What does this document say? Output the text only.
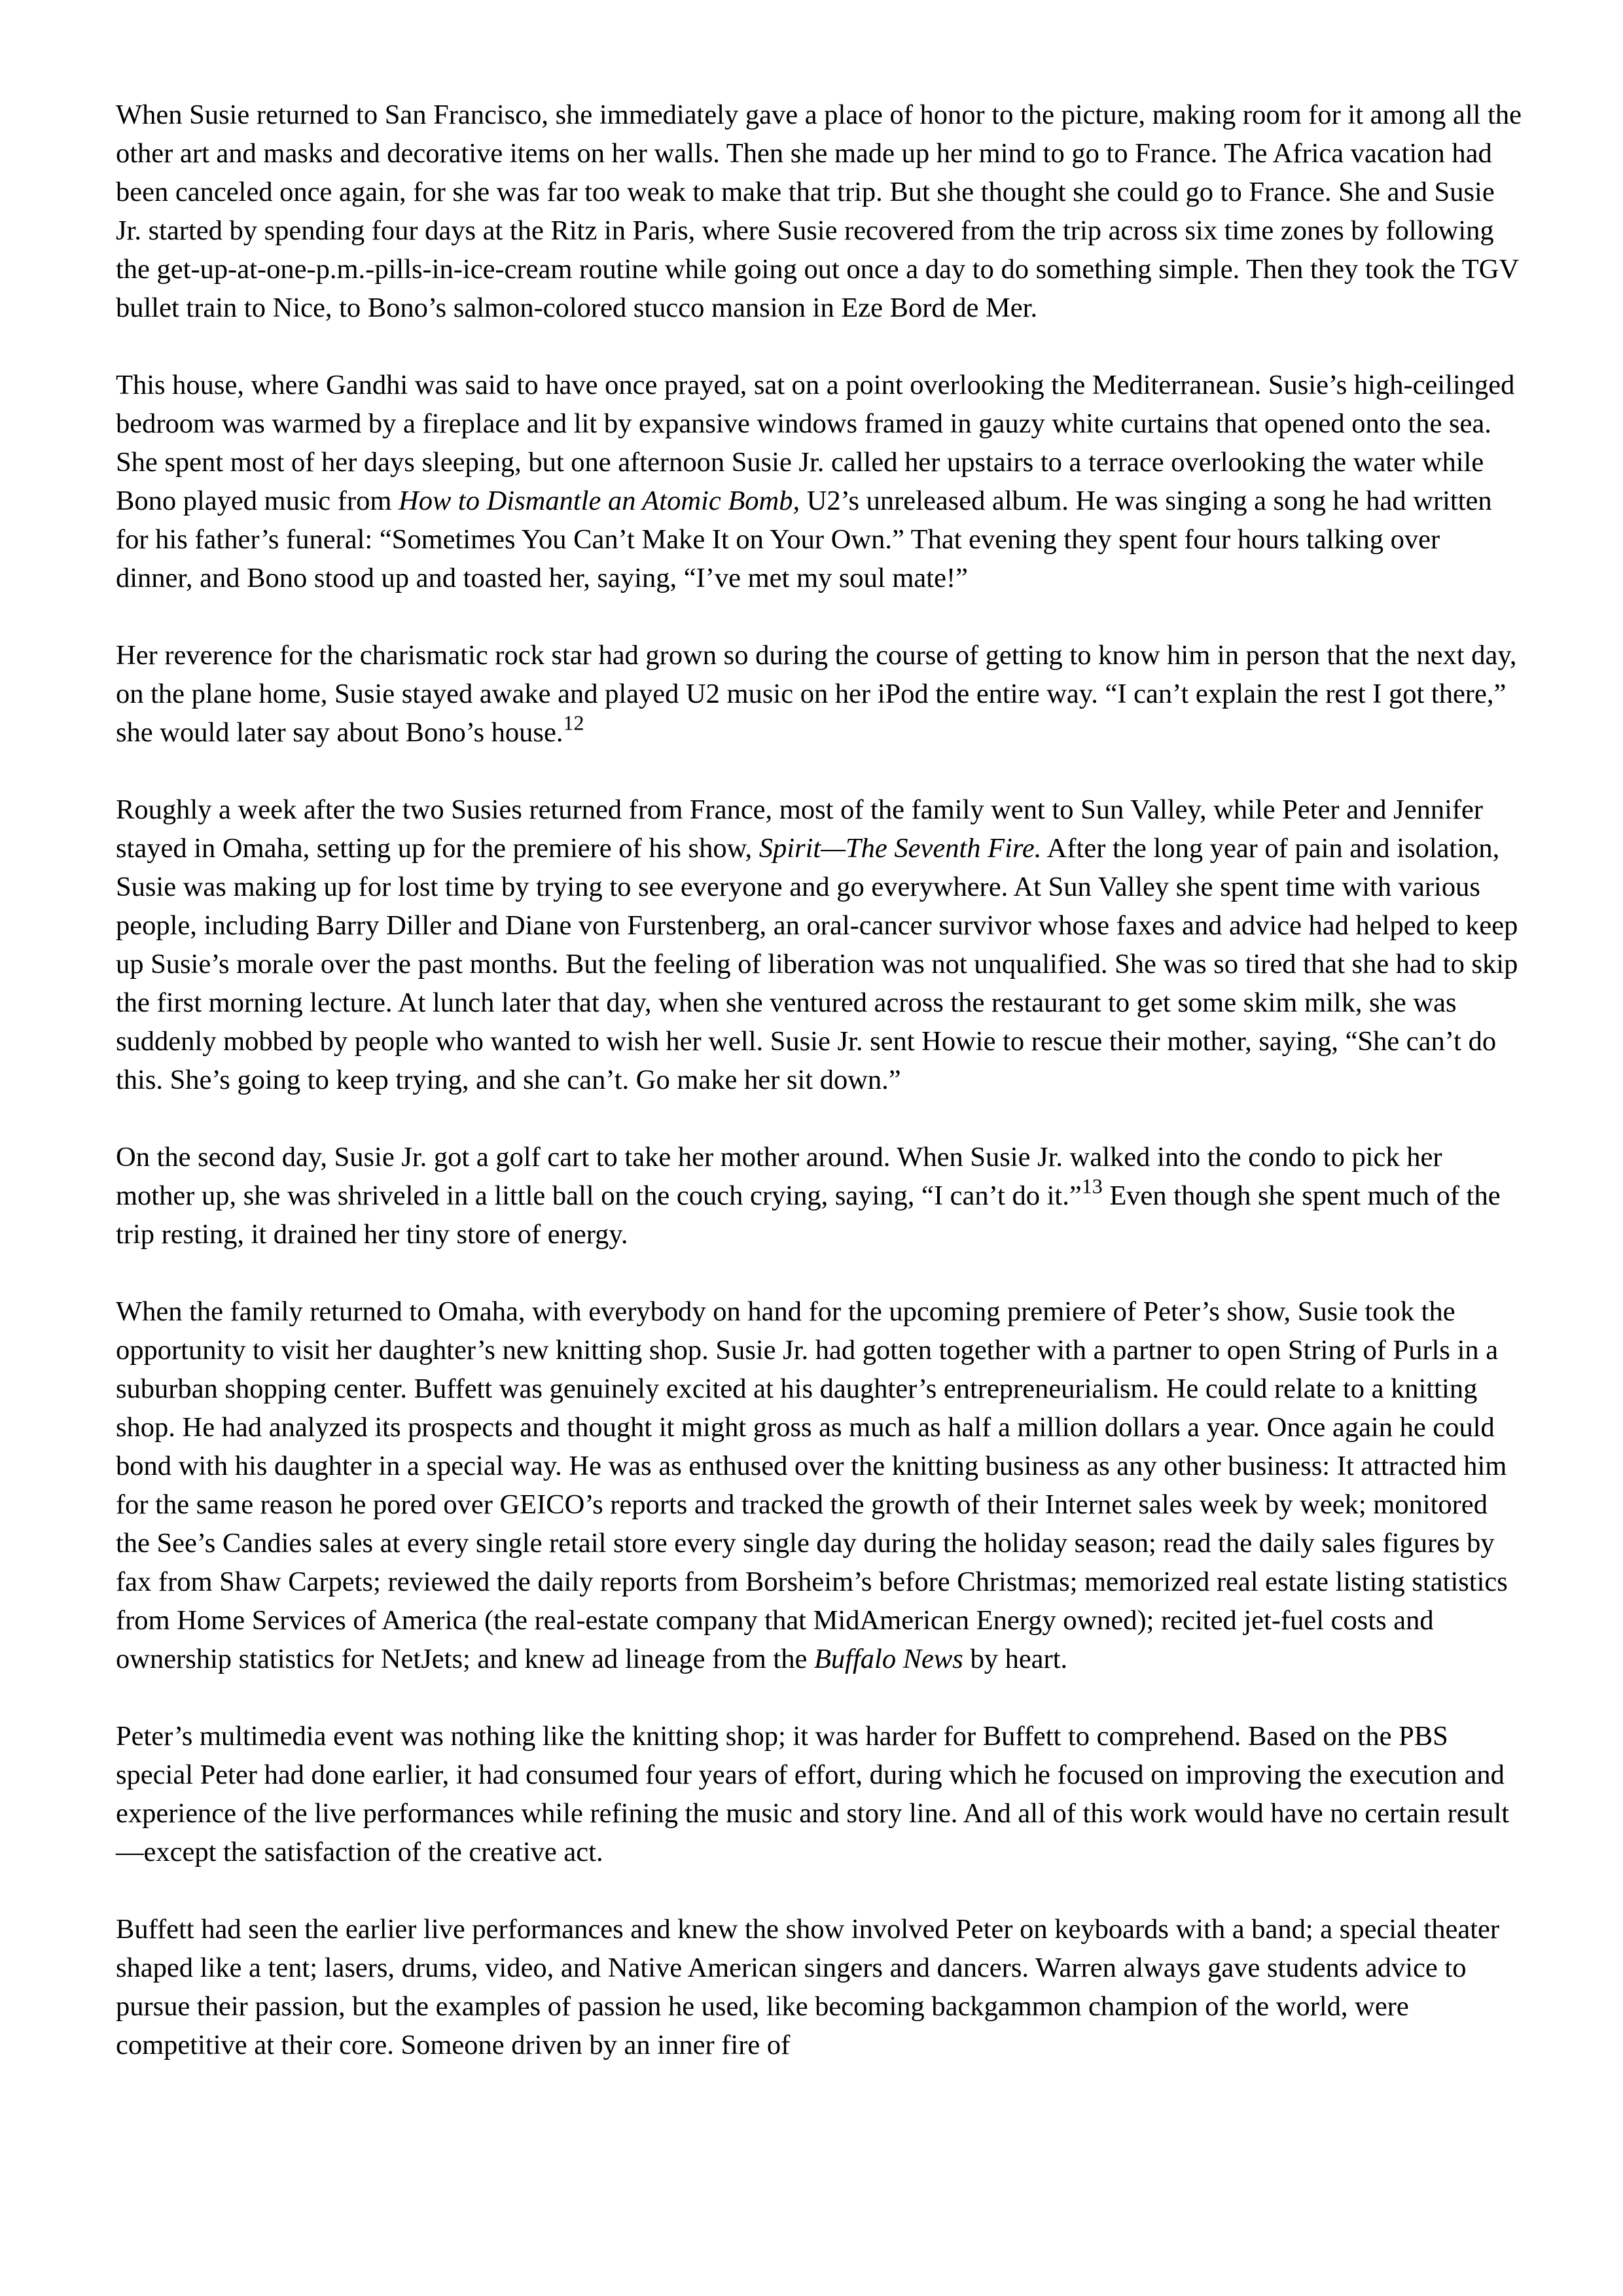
When Susie returned to San Francisco, she immediately gave a place of honor to the picture, making room for it among all the other art and masks and decorative items on her walls. Then she made up her mind to go to France. The Africa vacation had been canceled once again, for she was far too weak to make that trip. But she thought she could go to France. She and Susie Jr. started by spending four days at the Ritz in Paris, where Susie recovered from the trip across six time zones by following the get-up-at-one-p.m.-pills-in-ice-cream routine while going out once a day to do something simple. Then they took the TGV bullet train to Nice, to Bono’s salmon-colored stucco mansion in Eze Bord de Mer.

This house, where Gandhi was said to have once prayed, sat on a point overlooking the Mediterranean. Susie’s high-ceilinged bedroom was warmed by a fireplace and lit by expansive windows framed in gauzy white curtains that opened onto the sea. She spent most of her days sleeping, but one afternoon Susie Jr. called her upstairs to a terrace overlooking the water while Bono played music from How to Dismantle an Atomic Bomb, U2’s unreleased album. He was singing a song he had written for his father’s funeral: “Sometimes You Can’t Make It on Your Own.” That evening they spent four hours talking over dinner, and Bono stood up and toasted her, saying, “I’ve met my soul mate!”

Her reverence for the charismatic rock star had grown so during the course of getting to know him in person that the next day, on the plane home, Susie stayed awake and played U2 music on her iPod the entire way. “I can’t explain the rest I got there,” she would later say about Bono’s house.$^{12}$

Roughly a week after the two Susies returned from France, most of the family went to Sun Valley, while Peter and Jennifer stayed in Omaha, setting up for the premiere of his show, Spirit—The Seventh Fire. After the long year of pain and isolation, Susie was making up for lost time by trying to see everyone and go everywhere. At Sun Valley she spent time with various people, including Barry Diller and Diane von Furstenberg, an oral-cancer survivor whose faxes and advice had helped to keep up Susie’s morale over the past months. But the feeling of liberation was not unqualified. She was so tired that she had to skip the first morning lecture. At lunch later that day, when she ventured across the restaurant to get some skim milk, she was suddenly mobbed by people who wanted to wish her well. Susie Jr. sent Howie to rescue their mother, saying, “She can’t do this. She’s going to keep trying, and she can’t. Go make her sit down.”

On the second day, Susie Jr. got a golf cart to take her mother around. When Susie Jr. walked into the condo to pick her mother up, she was shriveled in a little ball on the couch crying, saying, “I can’t do it.”$^{13}$ Even though she spent much of the trip resting, it drained her tiny store of energy.

When the family returned to Omaha, with everybody on hand for the upcoming premiere of Peter’s show, Susie took the opportunity to visit her daughter’s new knitting shop. Susie Jr. had gotten together with a partner to open String of Purls in a suburban shopping center. Buffett was genuinely excited at his daughter’s entrepreneurialism. He could relate to a knitting shop. He had analyzed its prospects and thought it might gross as much as half a million dollars a year. Once again he could bond with his daughter in a special way. He was as enthused over the knitting business as any other business: It attracted him for the same reason he pored over GEICO’s reports and tracked the growth of their Internet sales week by week; monitored the See’s Candies sales at every single retail store every single day during the holiday season; read the daily sales figures by fax from Shaw Carpets; reviewed the daily reports from Borsheim’s before Christmas; memorized real estate listing statistics from Home Services of America (the real-estate company that MidAmerican Energy owned); recited jet-fuel costs and ownership statistics for NetJets; and knew ad lineage from the Buffalo News by heart.

Peter’s multimedia event was nothing like the knitting shop; it was harder for Buffett to comprehend. Based on the PBS special Peter had done earlier, it had consumed four years of effort, during which he focused on improving the execution and experience of the live performances while refining the music and story line. And all of this work would have no certain result—except the satisfaction of the creative act.

Buffett had seen the earlier live performances and knew the show involved Peter on keyboards with a band; a special theater shaped like a tent; lasers, drums, video, and Native American singers and dancers. Warren always gave students advice to pursue their passion, but the examples of passion he used, like becoming backgammon champion of the world, were competitive at their core. Someone driven by an inner fire of
